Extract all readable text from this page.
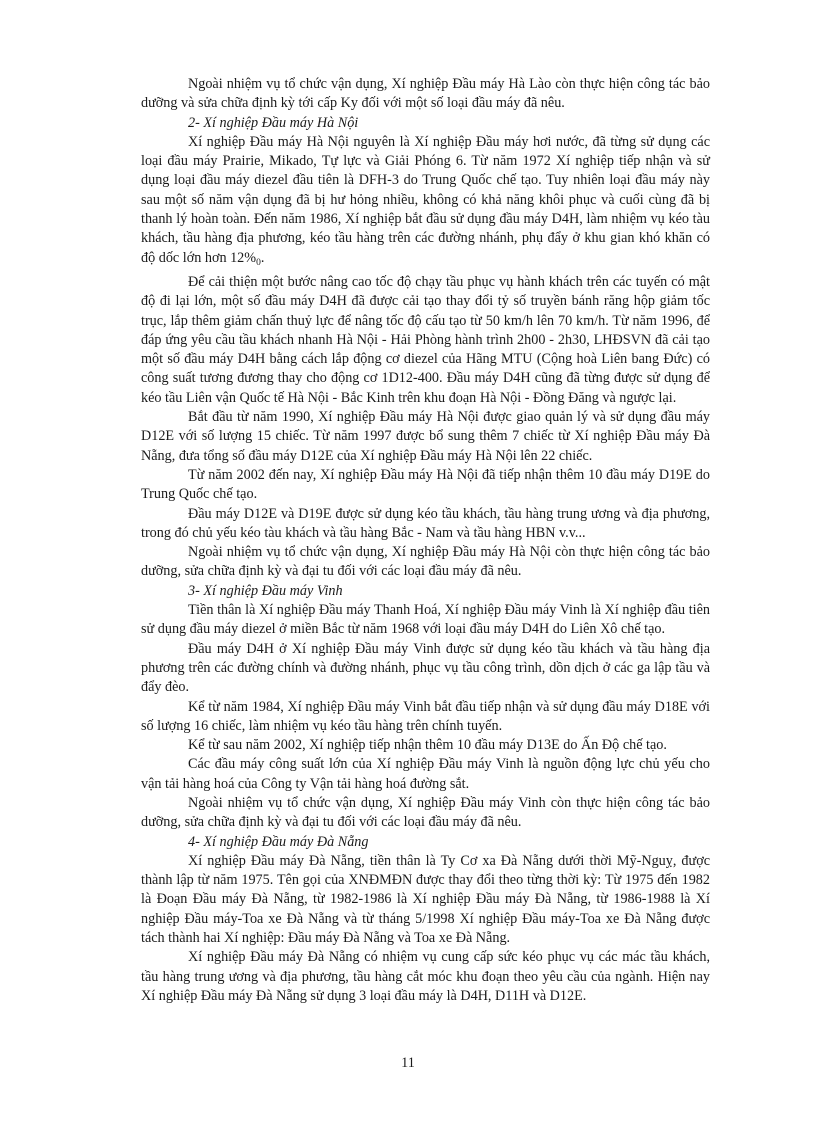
Ngoài nhiệm vụ tổ chức vận dụng, Xí nghiệp Đầu máy Hà Lào còn thực hiện công tác bảo dưỡng và sửa chữa định kỳ tới cấp Ky đối với một số loại đầu máy đã nêu.

2- Xí nghiệp Đầu máy Hà Nội

Xí nghiệp Đầu máy Hà Nội nguyên là Xí nghiệp Đầu máy hơi nước, đã từng sử dụng các loại đầu máy Prairie, Mikado, Tự lực và Giải Phóng 6. Từ năm 1972 Xí nghiệp tiếp nhận và sử dụng loại đầu máy diezel đầu tiên là DFH-3 do Trung Quốc chế tạo. Tuy nhiên loại đầu máy này sau một số năm vận dụng đã bị hư hỏng nhiều, không có khả năng khôi phục và cuối cùng đã bị thanh lý hoàn toàn. Đến năm 1986, Xí nghiệp bắt đầu sử dụng đầu máy D4H, làm nhiệm vụ kéo tàu khách, tầu hàng địa phương, kéo tầu hàng trên các đường nhánh, phụ đẩy ở khu gian khó khăn có độ dốc lớn hơn $12\%_0$.

Để cải thiện một bước nâng cao tốc độ chạy tầu phục vụ hành khách trên các tuyến có mật độ đi lại lớn, một số đầu máy D4H đã được cải tạo thay đổi tỷ số truyền bánh răng hộp giảm tốc trục, lắp thêm giảm chấn thuỷ lực để nâng tốc độ cấu tạo từ 50 km/h lên 70 km/h. Từ năm 1996, để đáp ứng yêu cầu tầu khách nhanh Hà Nội - Hải Phòng hành trình 2h00 - 2h30, LHĐSVN đã cải tạo một số đầu máy D4H bằng cách lắp động cơ diezel của Hãng MTU (Cộng hoà Liên bang Đức) có công suất tương đương thay cho động cơ 1D12-400. Đầu máy D4H cũng đã từng được sử dụng để kéo tầu Liên vận Quốc tế Hà Nội - Bắc Kinh trên khu đoạn Hà Nội - Đồng Đăng và ngược lại.

Bắt đầu từ năm 1990, Xí nghiệp Đầu máy Hà Nội được giao quản lý và sử dụng đầu máy D12E với số lượng 15 chiếc. Từ năm 1997 được bổ sung thêm 7 chiếc từ Xí nghiệp Đầu máy Đà Nẵng, đưa tổng số đầu máy D12E của Xí nghiệp Đầu máy Hà Nội lên 22 chiếc.

Từ năm 2002 đến nay, Xí nghiệp Đầu máy Hà Nội đã tiếp nhận thêm 10 đầu máy D19E do Trung Quốc chế tạo.

Đầu máy D12E và D19E được sử dụng kéo tầu khách, tầu hàng trung ương và địa phương, trong đó chủ yếu kéo tàu khách và tầu hàng Bắc - Nam và tầu hàng HBN v.v...

Ngoài nhiệm vụ tổ chức vận dụng, Xí nghiệp Đầu máy Hà Nội còn thực hiện công tác bảo dưỡng, sửa chữa định kỳ và đại tu đối với các loại đầu máy đã nêu.

3- Xí nghiệp Đầu máy Vinh

Tiền thân là Xí nghiệp Đầu máy Thanh Hoá, Xí nghiệp Đầu máy Vinh là Xí nghiệp đầu tiên sử dụng đầu máy diezel ở miền Bắc từ năm 1968 với loại đầu máy D4H do Liên Xô chế tạo.

Đầu máy D4H ở Xí nghiệp Đầu máy Vinh được sử dụng kéo tầu khách và tầu hàng địa phương trên các đường chính và đường nhánh, phục vụ tầu công trình, dồn dịch ở các ga lập tầu và đẩy đèo.

Kể từ năm 1984, Xí nghiệp Đầu máy Vinh bắt đầu tiếp nhận và sử dụng đầu máy D18E với số lượng 16 chiếc, làm nhiệm vụ kéo tầu hàng trên chính tuyến.

Kể từ sau năm 2002, Xí nghiệp tiếp nhận thêm 10 đầu máy D13E do Ấn Độ chế tạo.

Các đầu máy công suất lớn của Xí nghiệp Đầu máy Vinh là nguồn động lực chủ yếu cho vận tải hàng hoá của Công ty Vận tải hàng hoá đường sắt.

Ngoài nhiệm vụ tổ chức vận dụng, Xí nghiệp Đầu máy Vinh còn thực hiện công tác bảo dưỡng, sửa chữa định kỳ và đại tu đối với các loại đầu máy đã nêu.

4- Xí nghiệp Đầu máy Đà Nẵng

Xí nghiệp Đầu máy Đà Nẵng, tiền thân là Ty Cơ xa Đà Nẵng dưới thời Mỹ-Nguỵ, được thành lập từ năm 1975. Tên gọi của XNĐMĐN được thay đổi theo từng thời kỳ: Từ 1975 đến 1982 là Đoạn Đầu máy Đà Nẵng, từ 1982-1986 là Xí nghiệp Đầu máy Đà Nẵng, từ 1986-1988 là Xí nghiệp Đầu máy-Toa xe Đà Nẵng và từ tháng 5/1998 Xí nghiệp Đầu máy-Toa xe Đà Nẵng được tách thành hai Xí nghiệp: Đầu máy Đà Nẵng và Toa xe Đà Nẵng.

Xí nghiệp Đầu máy Đà Nẵng có nhiệm vụ cung cấp sức kéo phục vụ các mác tầu khách, tầu hàng trung ương và địa phương, tầu hàng cắt móc khu đoạn theo yêu cầu của ngành. Hiện nay Xí nghiệp Đầu máy Đà Nẵng sử dụng 3 loại đầu máy là D4H, D11H và D12E.

11
